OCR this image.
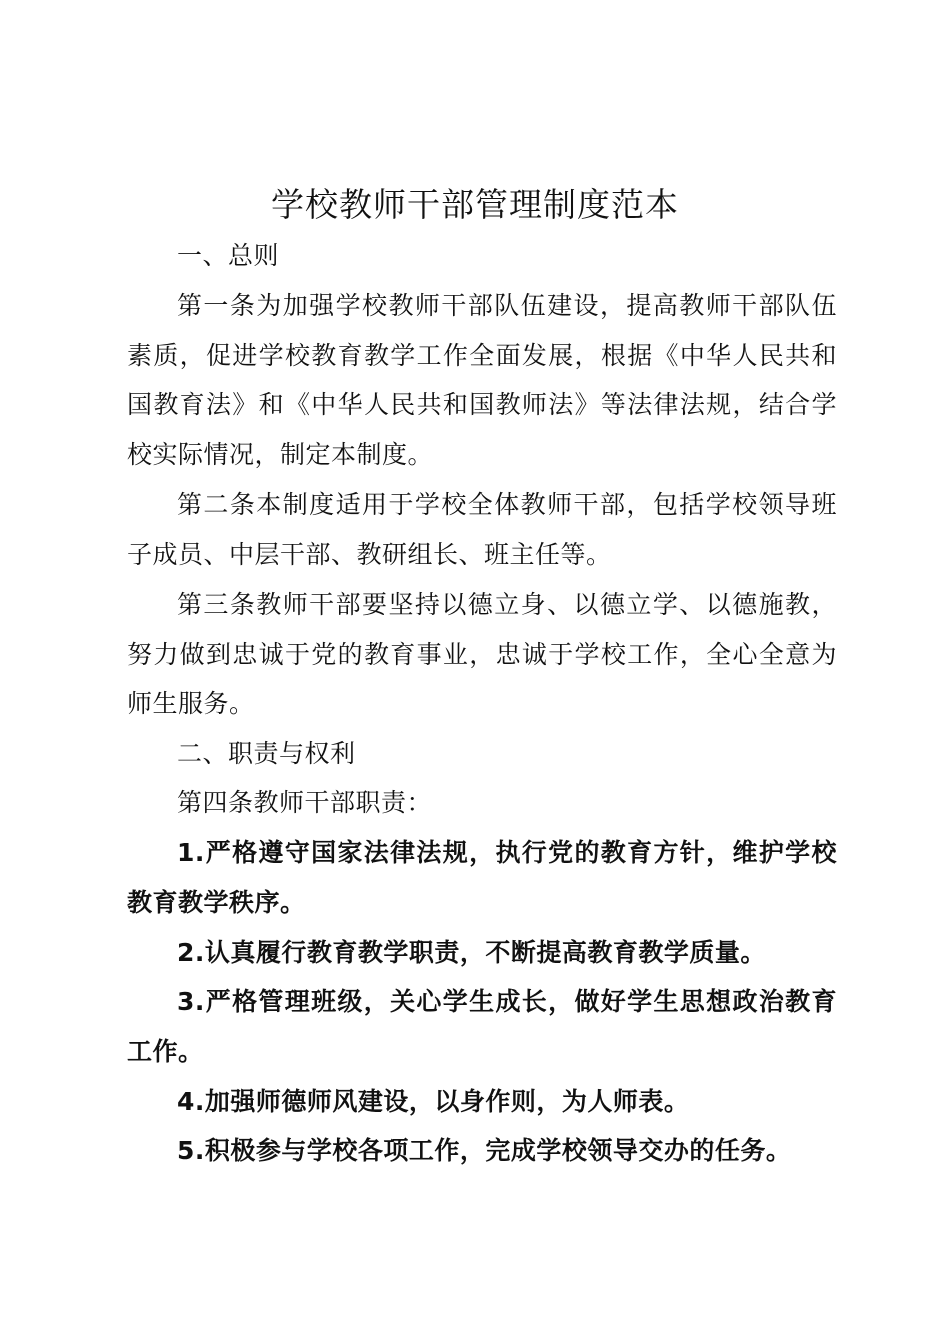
学校教师干部管理制度范本
一、总则
第一条为加强学校教师干部队伍建设，提高教师干部队伍素质，促进学校教育教学工作全面发展，根据《中华人民共和国教育法》和《中华人民共和国教师法》等法律法规，结合学校实际情况，制定本制度。
第二条本制度适用于学校全体教师干部，包括学校领导班子成员、中层干部、教研组长、班主任等。
第三条教师干部要坚持以德立身、以德立学、以德施教，努力做到忠诚于党的教育事业，忠诚于学校工作，全心全意为师生服务。
二、职责与权利
第四条教师干部职责：
1.严格遵守国家法律法规，执行党的教育方针，维护学校教育教学秩序。
2.认真履行教育教学职责，不断提高教育教学质量。
3.严格管理班级，关心学生成长，做好学生思想政治教育工作。
4.加强师德师风建设，以身作则，为人师表。
5.积极参与学校各项工作，完成学校领导交办的任务。
